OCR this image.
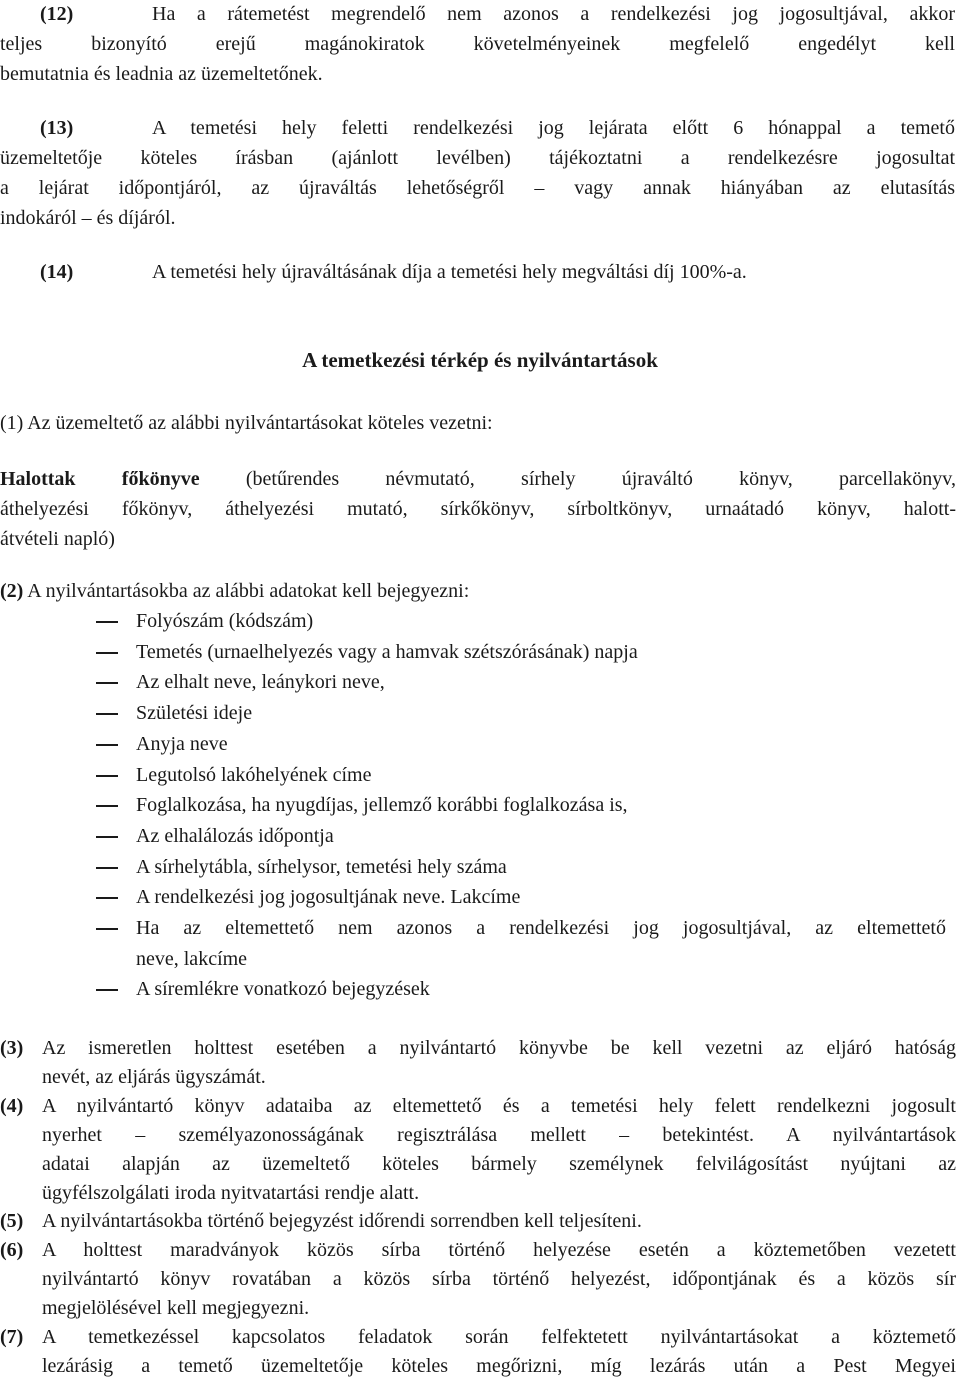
(12)	Ha a rátemetést megrendelő nem azonos a rendelkezési jog jogosultjával, akkor
teljes bizonyító erejű magánokiratok követelményeinek megfelelő engedélyt kell
bemutatnia és leadnia az üzemeltetőnek.
(13)	A temetési hely feletti rendelkezési jog lejárata előtt 6 hónappal a temető
üzemeltetője köteles írásban (ajánlott levélben) tájékoztatni a rendelkezésre jogosultat
a lejárat időpontjáról, az újraváltás lehetőségről – vagy annak hiányában az elutasítás
indokáról – és díjáról.
(14)	A temetési hely újraváltásának díja a temetési hely megváltási díj 100%-a.
A temetkezési térkép és nyilvántartások
(1) Az üzemeltető az alábbi nyilvántartásokat köteles vezetni:
Halottak főkönyve (betűrendes névmutató, sírhely újraváltó könyv, parcellakönyv,
áthelyezési főkönyv, áthelyezési mutató, sírkőkönyv, sírboltkönyv, urnaátadó könyv, halott-
átvételi napló)
(2) A nyilvántartásokba az alábbi adatokat kell bejegyezni:
Folyószám (kódszám)
Temetés (urnaelhelyezés vagy a hamvak szétszórásának) napja
Az elhalt neve, leánykori neve,
Születési ideje
Anyja neve
Legutolsó lakóhelyének címe
Foglalkozása, ha nyugdíjas, jellemző korábbi foglalkozása is,
Az elhalálozás időpontja
A sírhelytábla, sírhelysor, temetési hely száma
A rendelkezési jog jogosultjának neve. Lakcíme
Ha az eltemettető nem azonos a rendelkezési jog jogosultjával, az eltemettető
neve, lakcíme
A síremlékre vonatkozó bejegyzések
(3) Az ismeretlen holttest esetében a nyilvántartó könyvbe be kell vezetni az eljáró hatóság
nevét, az eljárás ügyszámát.
(4) A nyilvántartó könyv adataiba az eltemettető és a temetési hely felett rendelkezni jogosult
nyerhet – személyazonosságának regisztrálása mellett – betekintést. A nyilvántartások
adatai alapján az üzemeltető köteles bármely személynek felvilágosítást nyújtani az
ügyfélszolgálati iroda nyitvatartási rendje alatt.
(5) A nyilvántartásokba történő bejegyzést időrendi sorrendben kell teljesíteni.
(6) A holttest maradványok közös sírba történő helyezése esetén a köztemetőben vezetett
nyilvántartó könyv rovatában a közös sírba történő helyezést, időpontjának és a közös sír
megjelölésével kell megjegyezni.
(7) A temetkezéssel kapcsolatos feladatok során felfektetett nyilvántartásokat a köztemető
lezárásig a temető üzemeltetője köteles megőrizni, míg lezárás után a Pest Megyei
